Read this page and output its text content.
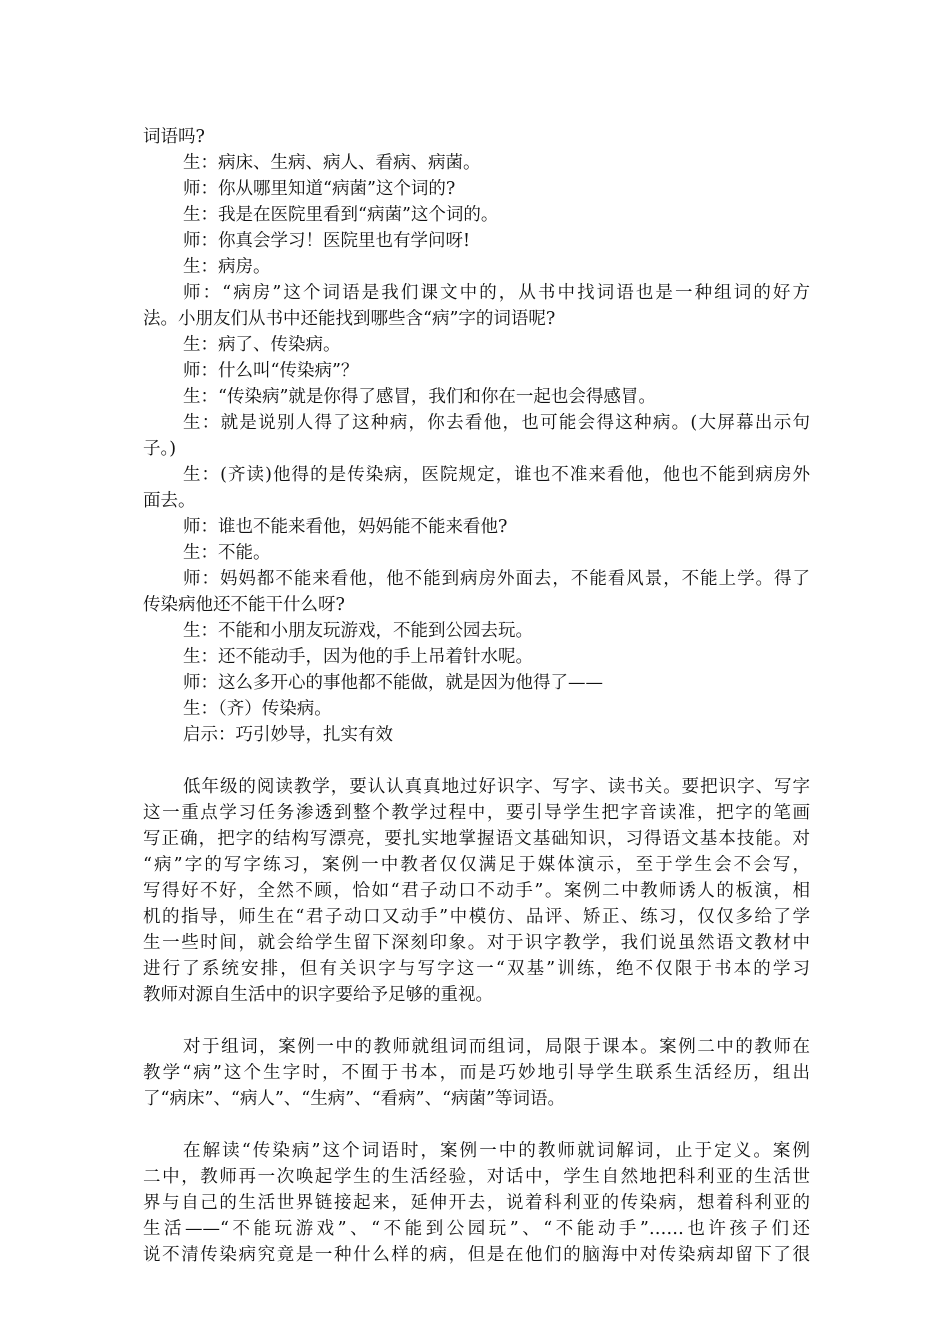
词语吗?
生：病床、生病、病人、看病、病菌。
师：你从哪里知道“病菌”这个词的?
生：我是在医院里看到“病菌”这个词的。
师：你真会学习！医院里也有学问呀!
生：病房。
师：“病房”这个词语是我们课文中的，从书中找词语也是一种组词的好方
法。小朋友们从书中还能找到哪些含“病”字的词语呢?
生：病了、传染病。
师：什么叫“传染病”？
生：“传染病”就是你得了感冒，我们和你在一起也会得感冒。
生：就是说别人得了这种病，你去看他，也可能会得这种病。(大屏幕出示句
子。)
生：(齐读)他得的是传染病，医院规定，谁也不准来看他，他也不能到病房外
面去。
师：谁也不能来看他，妈妈能不能来看他?
生：不能。
师：妈妈都不能来看他，他不能到病房外面去，不能看风景，不能上学。得了
传染病他还不能干什么呀?
生：不能和小朋友玩游戏，不能到公园去玩。
生：还不能动手，因为他的手上吊着针水呢。
师：这么多开心的事他都不能做，就是因为他得了——
生：（齐）传染病。
启示：巧引妙导，扎实有效
低年级的阅读教学，要认认真真地过好识字、写字、读书关。要把识字、写字
这一重点学习任务渗透到整个教学过程中，要引导学生把字音读准，把字的笔画
写正确，把字的结构写漂亮，要扎实地掌握语文基础知识，习得语文基本技能。对
“病”字的写字练习，案例一中教者仅仅满足于媒体演示，至于学生会不会写，
写得好不好，全然不顾，恰如“君子动口不动手”。案例二中教师诱人的板演，相
机的指导，师生在“君子动口又动手”中模仿、品评、矫正、练习，仅仅多给了学
生一些时间，就会给学生留下深刻印象。对于识字教学，我们说虽然语文教材中
进行了系统安排，但有关识字与写字这一“双基”训练，绝不仅限于书本的学习
教师对源自生活中的识字要给予足够的重视。
对于组词，案例一中的教师就组词而组词，局限于课本。案例二中的教师在
教学“病”这个生字时，不囿于书本，而是巧妙地引导学生联系生活经历，组出
了“病床”、“病人”、“生病”、“看病”、“病菌”等词语。
在解读“传染病”这个词语时，案例一中的教师就词解词，止于定义。案例
二中，教师再一次唤起学生的生活经验，对话中，学生自然地把科利亚的生活世
界与自己的生活世界链接起来，延伸开去，说着科利亚的传染病，想着科利亚的
生活——“不能玩游戏”、“不能到公园玩”、“不能动手”……也许孩子们还
说不清传染病究竟是一种什么样的病，但是在他们的脑海中对传染病却留下了很
